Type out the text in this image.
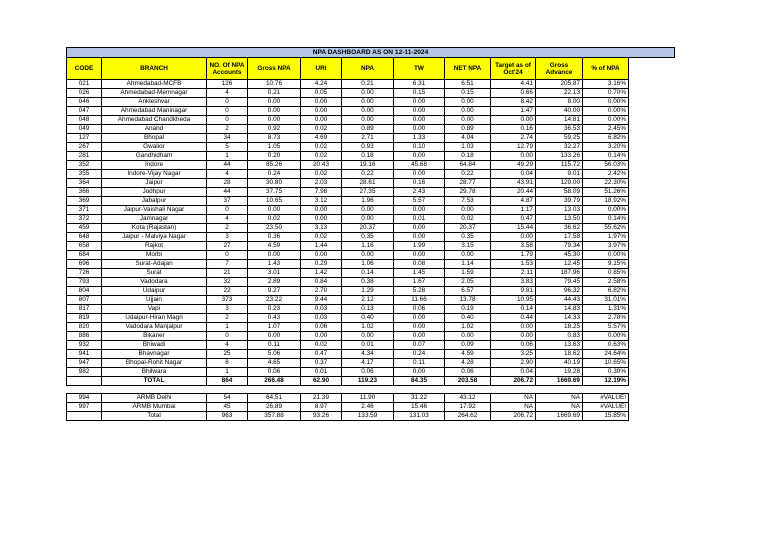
NPA DASHBOARD AS ON 12-11-2024											
CODE	BRANCH	NO. Of NPA Accounts	Gross NPA	URI	NPA	TW	NET NPA	Target as of Oct'24	Gross Advance	% of NPA	
021	Ahmedabad-MCFB	126	10.76	4.24	0.21	6.31	6.51	4.41	205.87	3.16%	
026	Ahmedabad-Memnagar	4	0.21	0.05	0.00	0.15	0.15	0.66	22.13	0.70%	
046	Ankleshvar	0	0.00	0.00	0.00	0.00	0.00	8.42	8.00	0.00%	
047	Ahmedabad Maninagar	0	0.00	0.00	0.00	0.00	0.00	1.47	40.00	0.00%	
048	Ahmedabad Chandkheda	0	0.00	0.00	0.00	0.00	0.00	0.00	14.81	0.00%	
049	Anand	2	0.92	0.02	0.89	0.00	0.89	0.16	36.53	2.45%	
127	Bhopal	34	8.73	4.69	2.71	1.33	4.04	2.74	59.25	6.82%	
267	Gwalior	5	1.05	0.02	0.93	0.10	1.03	12.79	32.27	3.20%	
281	Gandhidham	1	0.20	0.02	0.18	0.00	0.18	0.00	133.26	0.14%	
352	Indore	44	85.26	20.43	19.16	45.68	64.84	49.29	115.72	56.03%	
355	Indore-Vijay Nagar	4	0.24	0.02	0.22	0.00	0.22	0.04	9.01	2.42%	
364	Jaipur	28	30.80	2.03	28.61	0.16	28.77	43.91	129.00	22.30%	
366	Jodhpur	44	37.75	7.98	27.35	2.43	29.78	20.44	58.09	51.26%	
369	Jabalpur	37	10.65	3.12	1.96	5.57	7.53	4.87	39.79	18.92%	
371	Jaipur-Vaishali Nagar	0	0.00	0.00	0.00	0.00	0.00	1.17	13.03	0.00%	
372	Jamnagar	4	0.02	0.00	0.00	0.01	0.02	0.47	13.50	0.14%	
459	Kota (Rajastan)	2	23.50	3.13	20.37	0.00	20.37	15.44	36.62	55.62%	
648	Jaipur - Malviya Nagar	3	0.36	0.02	0.35	0.00	0.35	0.00	17.58	1.97%	
658	Rajkot	27	4.59	1.44	1.16	1.99	3.15	3.58	79.34	3.97%	
684	Morbi	0	0.00	0.00	0.00	0.00	0.00	1.79	45.30	0.00%	
696	Surat-Adajan	7	1.43	0.29	1.06	0.08	1.14	1.53	12.45	9.15%	
726	Surat	21	3.01	1.42	0.14	1.45	1.59	2.11	187.96	0.85%	
793	Vadodara	32	2.89	0.84	0.38	1.67	2.05	3.83	79.45	2.58%	
804	Udaipur	22	9.27	2.70	1.29	5.28	6.57	9.81	96.32	6.82%	
807	Ujjain	373	23.22	9.44	2.12	11.66	13.78	10.95	44.43	31.01%	
817	Vapi	3	0.23	0.03	0.13	0.06	0.19	0.14	14.83	1.31%	
819	Udaipur-Hiran Magri	2	0.43	0.03	0.40	0.00	0.40	0.44	14.33	2.78%	
820	Vadodara Manjalpur	1	1.07	0.06	1.02	0.00	1.02	0.00	18.25	5.57%	
886	Bikaner	0	0.00	0.00	0.00	0.00	0.00	0.00	0.83	0.00%	
932	Bhiwadi	4	0.11	0.02	0.01	0.07	0.09	0.06	13.63	0.63%	
941	Bhavnagar	25	5.06	0.47	4.34	0.24	4.59	3.25	18.62	24.64%	
947	Bhopal-Rohit Nagar	8	4.65	0.37	4.17	0.11	4.28	2.90	40.19	10.65%	
982	Bhilwara	1	0.06	0.01	0.06	0.00	0.06	0.04	19.28	0.30%	
	TOTAL	864	266.48	62.90	119.23	84.35	203.58	206.72	1669.69	12.19%	

994	ARMB Delhi	54	64.51	21.39	11.90	31.22	43.12	NA	NA	#VALUE!	
997	ARMB Mumbai	45	26.89	8.97	2.46	15.46	17.92	NA	NA	#VALUE!	
	Total	963	357.88	93.26	133.59	131.03	264.62	206.72	1669.69	15.85%	
